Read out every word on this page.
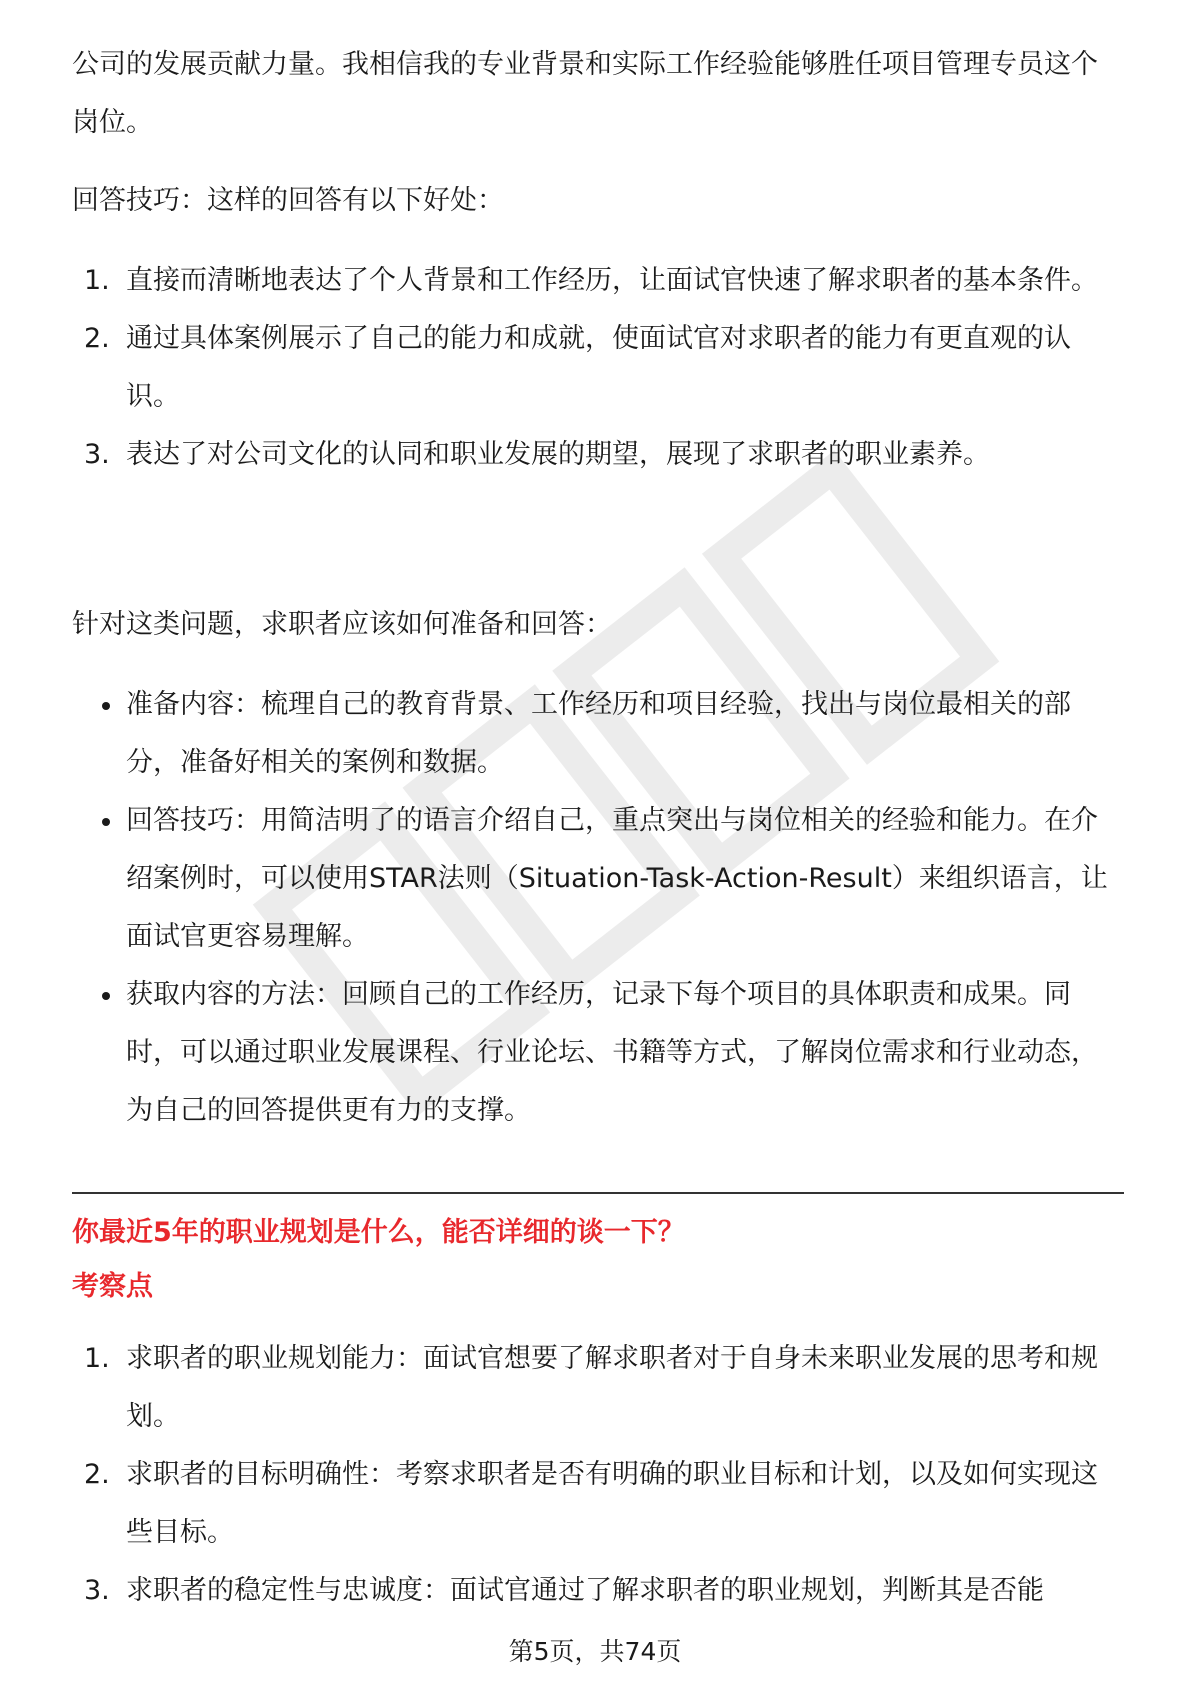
公司的发展贡献力量。我相信我的专业背景和实际工作经验能够胜任项目管理专员这个岗位。

回答技巧：这样的回答有以下好处：

1. 直接而清晰地表达了个人背景和工作经历，让面试官快速了解求职者的基本条件。
2. 通过具体案例展示了自己的能力和成就，使面试官对求职者的能力有更直观的认识。
3. 表达了对公司文化的认同和职业发展的期望，展现了求职者的职业素养。

针对这类问题，求职者应该如何准备和回答：

准备内容：梳理自己的教育背景、工作经历和项目经验，找出与岗位最相关的部分，准备好相关的案例和数据。
回答技巧：用简洁明了的语言介绍自己，重点突出与岗位相关的经验和能力。在介绍案例时，可以使用STAR法则（Situation-Task-Action-Result）来组织语言，让面试官更容易理解。
获取内容的方法：回顾自己的工作经历，记录下每个项目的具体职责和成果。同时，可以通过职业发展课程、行业论坛、书籍等方式，了解岗位需求和行业动态，为自己的回答提供更有力的支撑。

你最近5年的职业规划是什么，能否详细的谈一下？

考察点

1. 求职者的职业规划能力：面试官想要了解求职者对于自身未来职业发展的思考和规划。
2. 求职者的目标明确性：考察求职者是否有明确的职业目标和计划，以及如何实现这些目标。
3. 求职者的稳定性与忠诚度：面试官通过了解求职者的职业规划，判断其是否能
第5页，共74页
